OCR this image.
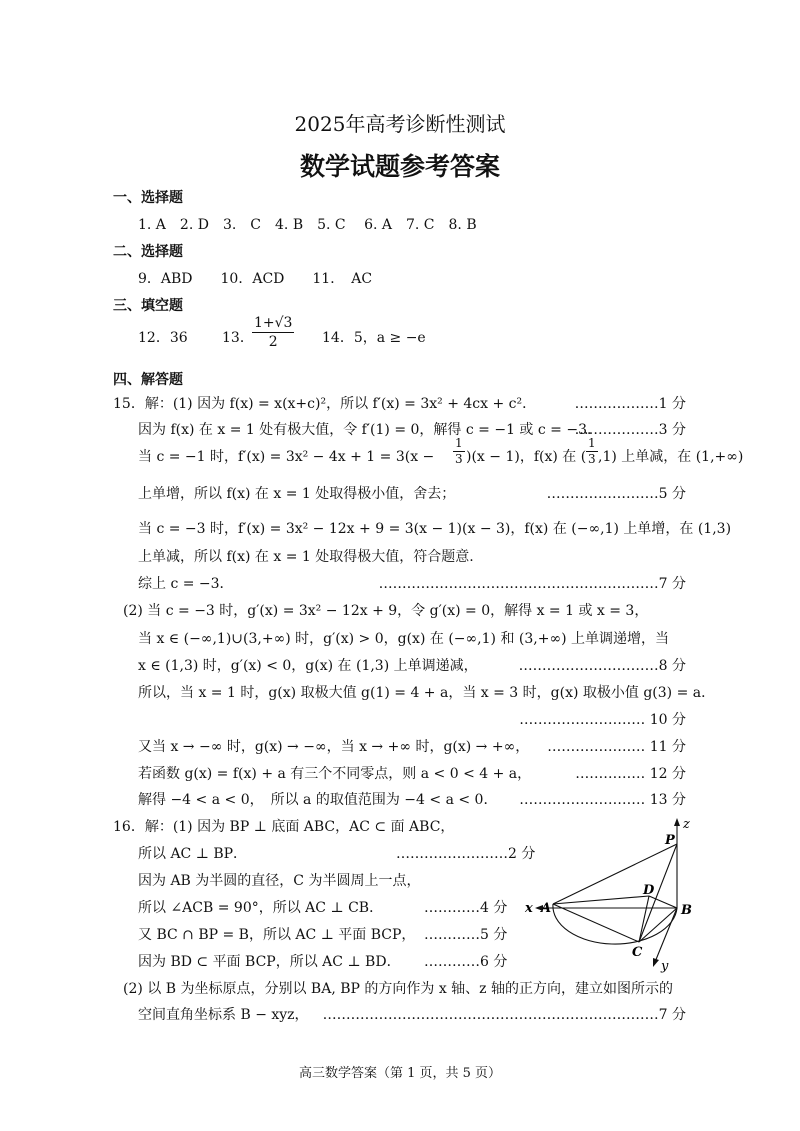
2025年高考诊断性测试
数学试题参考答案
一、选择题
1. A　2. D　3.　C　4. B　5. C　 6. A　7. C　8. B
二、选择题
9．ABD　　10．ACD　　11．　AC
三、填空题
12．36 13．
$\frac{1+√3}{2} 14$．5，a ≥ −e
四、解答题
15．解：(1) 因为 f(x) = x(x+c)²，所以 f′(x) = 3x² + 4cx + c²．	………………1 分
因为 f(x) 在 x = 1 处有极大值，令 f′(1) = 0，解得 c = −1 或 c = −3．
………………3 分
当 c = −1 时，$f'(x) = 3x^2 - 4x + 1 = 3(x - \frac{1}{3} )(x - 1)$，f(x) 在 ( $\frac{1}{3} ,1$) 上单减，在 (1,+∞)
上单增，所以 f(x) 在 x = 1 处取得极小值，舍去；	……………………5 分
当 c = −3 时，f′(x) = 3x² − 12x + 9 = 3(x − 1)(x − 3)，f(x) 在 (−∞,1) 上单增，在 (1,3)
上单减，所以 f(x) 在 x = 1 处取得极大值，符合题意.
综上 c = −3．	……………………………………………………7 分
(2) 当 c = −3 时，g′(x) = 3x² − 12x + 9，令 g′(x) = 0，解得 x = 1 或 x = 3，
当 x ∈ (−∞,1)∪(3,+∞) 时，g′(x) > 0，g(x) 在 (−∞,1) 和 (3,+∞) 上单调递增，当
x ∈ (1,3) 时，g′(x) < 0，g(x) 在 (1,3) 上单调递减，	…………………………8 分
所以，当 x = 1 时，g(x) 取极大值 g(1) = 4 + a，当 x = 3 时，g(x) 取极小值 g(3) = a．
……………………… 10 分
又当 x → −∞ 时，g(x) → −∞，当 x → +∞ 时，g(x) → +∞， ………………… 11 分
若函数 g(x) = f(x) + a 有三个不同零点，则 a < 0 < 4 + a，	…………… 12 分
解得 −4 < a < 0，　所以 a 的取值范围为 −4 < a < 0． ……………………… 13 分
16．解：(1) 因为 BP ⊥ 底面 ABC，AC ⊂ 面 ABC，
所以 AC ⊥ BP．	……………………2 分
因为 AB 为半圆的直径，C 为半圆周上一点，
所以 ∠ACB = 90°，所以 AC ⊥ CB．	…………4 分
又 BC ∩ BP = B，所以 AC ⊥ 平面 BCP， …………5 分
因为 BD ⊂ 平面 BCP，所以 AC ⊥ BD． …………6 分
(2) 以 B 为坐标原点，分别以 BA, BP 的方向作为 x 轴、z 轴的正方向，建立如图所示的
空间直角坐标系 B − xyz， ………………………………………………………………7 分
z
P
D
x A	B
C
y
高三数学答案（第 1 页，共 5 页）
